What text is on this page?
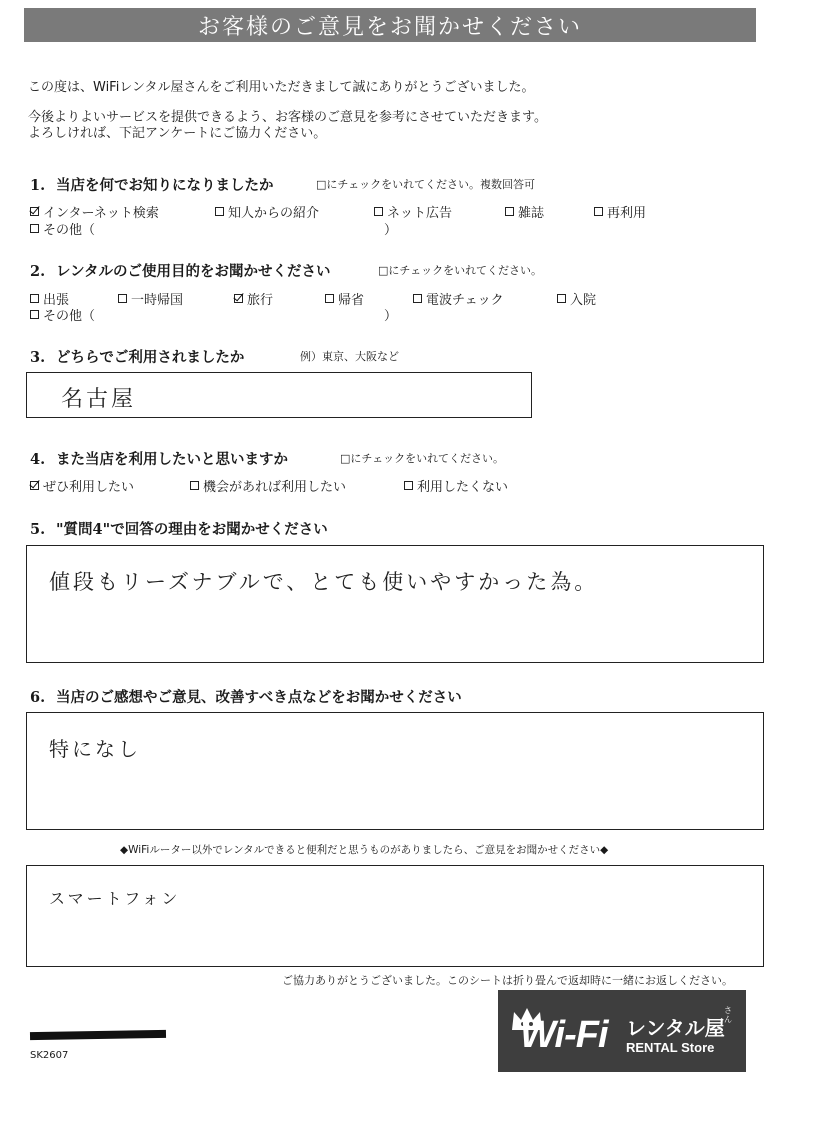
お客様のご意見をお聞かせください
この度は、WiFiレンタル屋さんをご利用いただきまして誠にありがとうございました。
今後よりよいサービスを提供できるよう、お客様のご意見を参考にさせていただきます。
よろしければ、下記アンケートにご協力ください。
1. 当店を何でお知りになりましたか	□にチェックをいれてください。複数回答可
インターネット検索	知人からの紹介	ネット広告	雑誌	再利用
その他（	）
2. レンタルのご使用目的をお聞かせください	□にチェックをいれてください。
出張	一時帰国	旅行	帰省	電波チェック	入院
その他（	）
3. どちらでご利用されましたか	例）東京、大阪など
名古屋
4. また当店を利用したいと思いますか	□にチェックをいれてください。
ぜひ利用したい	機会があれば利用したい	利用したくない
5. "質問4"で回答の理由をお聞かせください
値段もリーズナブルで、とても使いやすかった為。
6. 当店のご感想やご意見、改善すべき点などをお聞かせください
特になし
◆WiFiルーター以外でレンタルできると便利だと思うものがありましたら、ご意見をお聞かせください◆
スマートフォン
ご協力ありがとうございました。このシートは折り畳んで返却時に一緒にお返しください。
SK2607	Wi-Fi レンタル屋
さん
RENTAL Store
